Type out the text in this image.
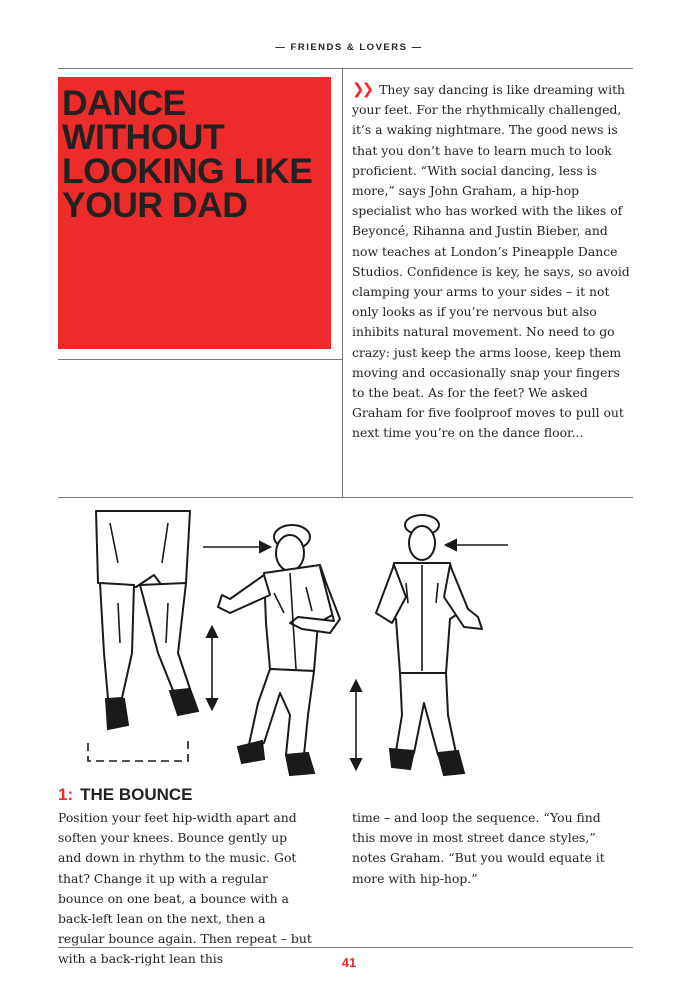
— FRIENDS & LOVERS —
DANCE WITHOUT LOOKING LIKE YOUR DAD
❯❯ They say dancing is like dreaming with your feet. For the rhythmically challenged, it’s a waking nightmare. The good news is that you don’t have to learn much to look proficient. “With social dancing, less is more,” says John Graham, a hip-hop specialist who has worked with the likes of Beyoncé, Rihanna and Justin Bieber, and now teaches at London’s Pineapple Dance Studios. Confidence is key, he says, so avoid clamping your arms to your sides – it not only looks as if you’re nervous but also inhibits natural movement. No need to go crazy: just keep the arms loose, keep them moving and occasionally snap your fingers to the beat. As for the feet? We asked Graham for five foolproof moves to pull out next time you’re on the dance floor...
1: THE BOUNCE

Position your feet hip-width apart and soften your knees. Bounce gently up and down in rhythm to the music. Got that? Change it up with a regular bounce on one beat, a bounce with a back-left lean on the next, then a regular bounce again. Then repeat – but with a back-right lean this

time – and loop the sequence. “You find this move in most street dance styles,” notes Graham. “But you would equate it more with hip-hop.”

41
